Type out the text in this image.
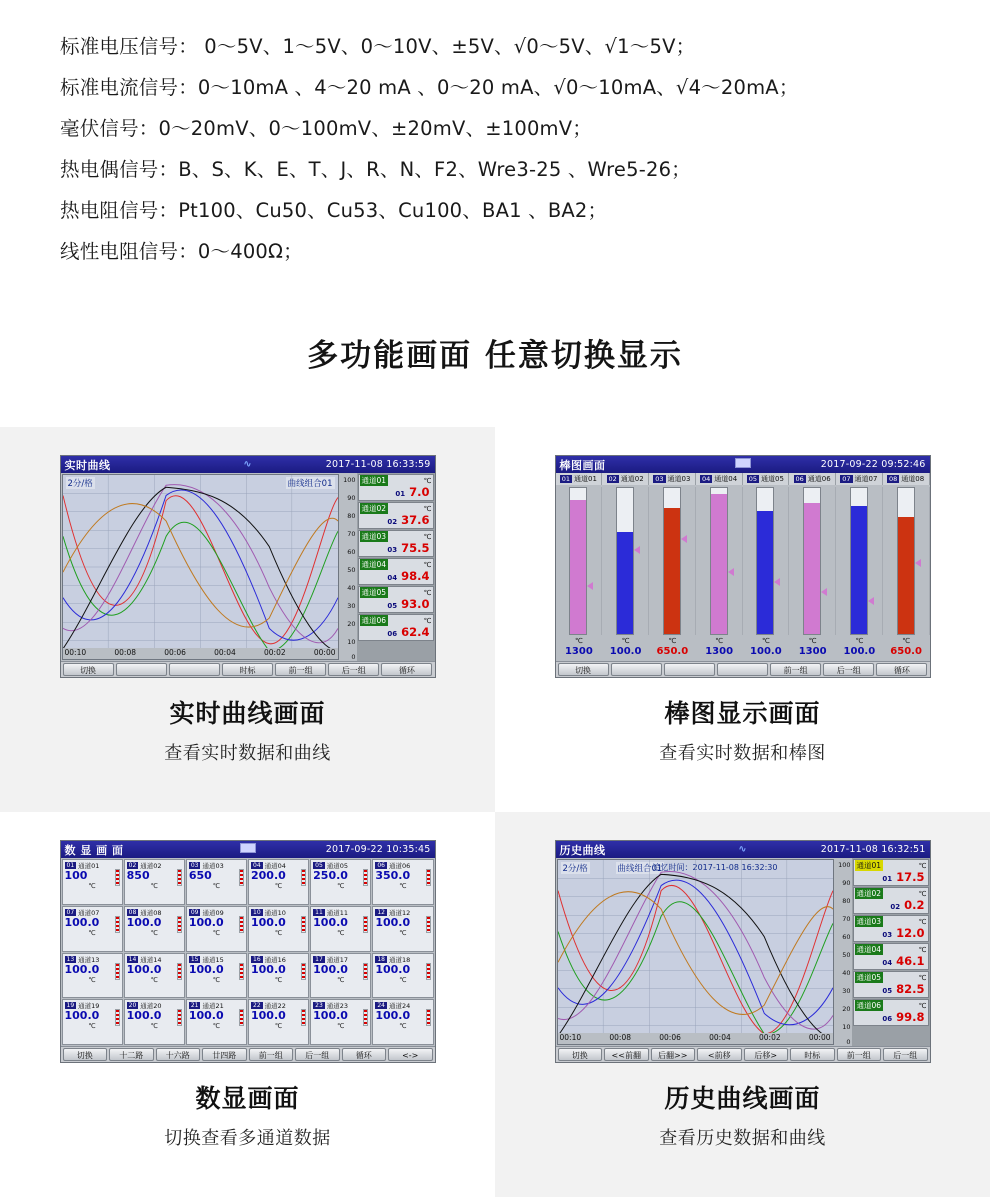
标准电压信号： 0～5V、1～5V、0～10V、±5V、√0～5V、√1～5V；
标准电流信号：0～10mA 、4～20 mA 、0～20 mA、√0～10mA、√4～20mA；
毫伏信号：0～20mV、0～100mV、±20mV、±100mV；
热电偶信号：B、S、K、E、T、J、R、N、F2、Wre3-25 、Wre5-26；
热电阻信号：Pt100、Cu50、Cu53、Cu100、BA1 、BA2；
线性电阻信号：0～400Ω；
多功能画面 任意切换显示
实时曲线	∿	2017-11-08 16:33:59
2分/格	曲线组合01
00:10	00:08	00:06	00:04	00:02	00:00
100
90
80
70
60
50
40
30
20
10
0
通道01	℃
01 7.0
通道02	℃
02 37.6
通道03	℃
03 75.5
通道04	℃
04 98.4
通道05	℃
05 93.0
通道06	℃
06 62.4
切换	时标	前一组	后一组	循环
实时曲线画面
查看实时数据和曲线
棒图画面	2017-09-22 09:52:46
01 通道01	02 通道02	03 通道03	04 通道04	05 通道05	06 通道06	07 通道07	08 通道08
℃	℃	℃	℃	℃	℃	℃	℃
1300	100.0	650.0	1300	100.0	1300	100.0	650.0
切换	前一组	后一组	循环
棒图显示画面
查看实时数据和棒图
数 显 画 面	2017-09-22 10:35:45
01 通道01
100
℃
02 通道02
850
℃
03 通道03
650
℃
04 通道04
200.0
℃
05 通道05
250.0
℃
06 通道06
350.0
℃
07 通道07
100.0
℃
08 通道08
100.0
℃
09 通道09
100.0
℃
10 通道10
100.0
℃
11 通道11
100.0
℃
12 通道12
100.0
℃
13 通道13
100.0
℃
14 通道14
100.0
℃
15 通道15
100.0
℃
16 通道16
100.0
℃
17 通道17
100.0
℃
18 通道18
100.0
℃
19 通道19
100.0
℃
20 通道20
100.0
℃
21 通道21
100.0
℃
22 通道22
100.0
℃
23 通道23
100.0
℃
24 通道24
100.0
℃
切换	十二路	十六路	廿四路	前一组	后一组	循环	<->
数显画面
切换查看多通道数据
历史曲线	∿	2017-11-08 16:32:51
2分/格	曲线组合01
追忆时间：2017-11-08 16:32:30
00:10	00:08	00:06	00:04	00:02	00:00
100
90
80
70
60
50
40
30
20
10
0
通道01	℃
01 17.5
通道02	℃
02 0.2
通道03	℃
03 12.0
通道04	℃
04 46.1
通道05	℃
05 82.5
通道06	℃
06 99.8
切换	<<前翻	后翻>>	<前移	后移>	时标	前一组	后一组
历史曲线画面
查看历史数据和曲线
